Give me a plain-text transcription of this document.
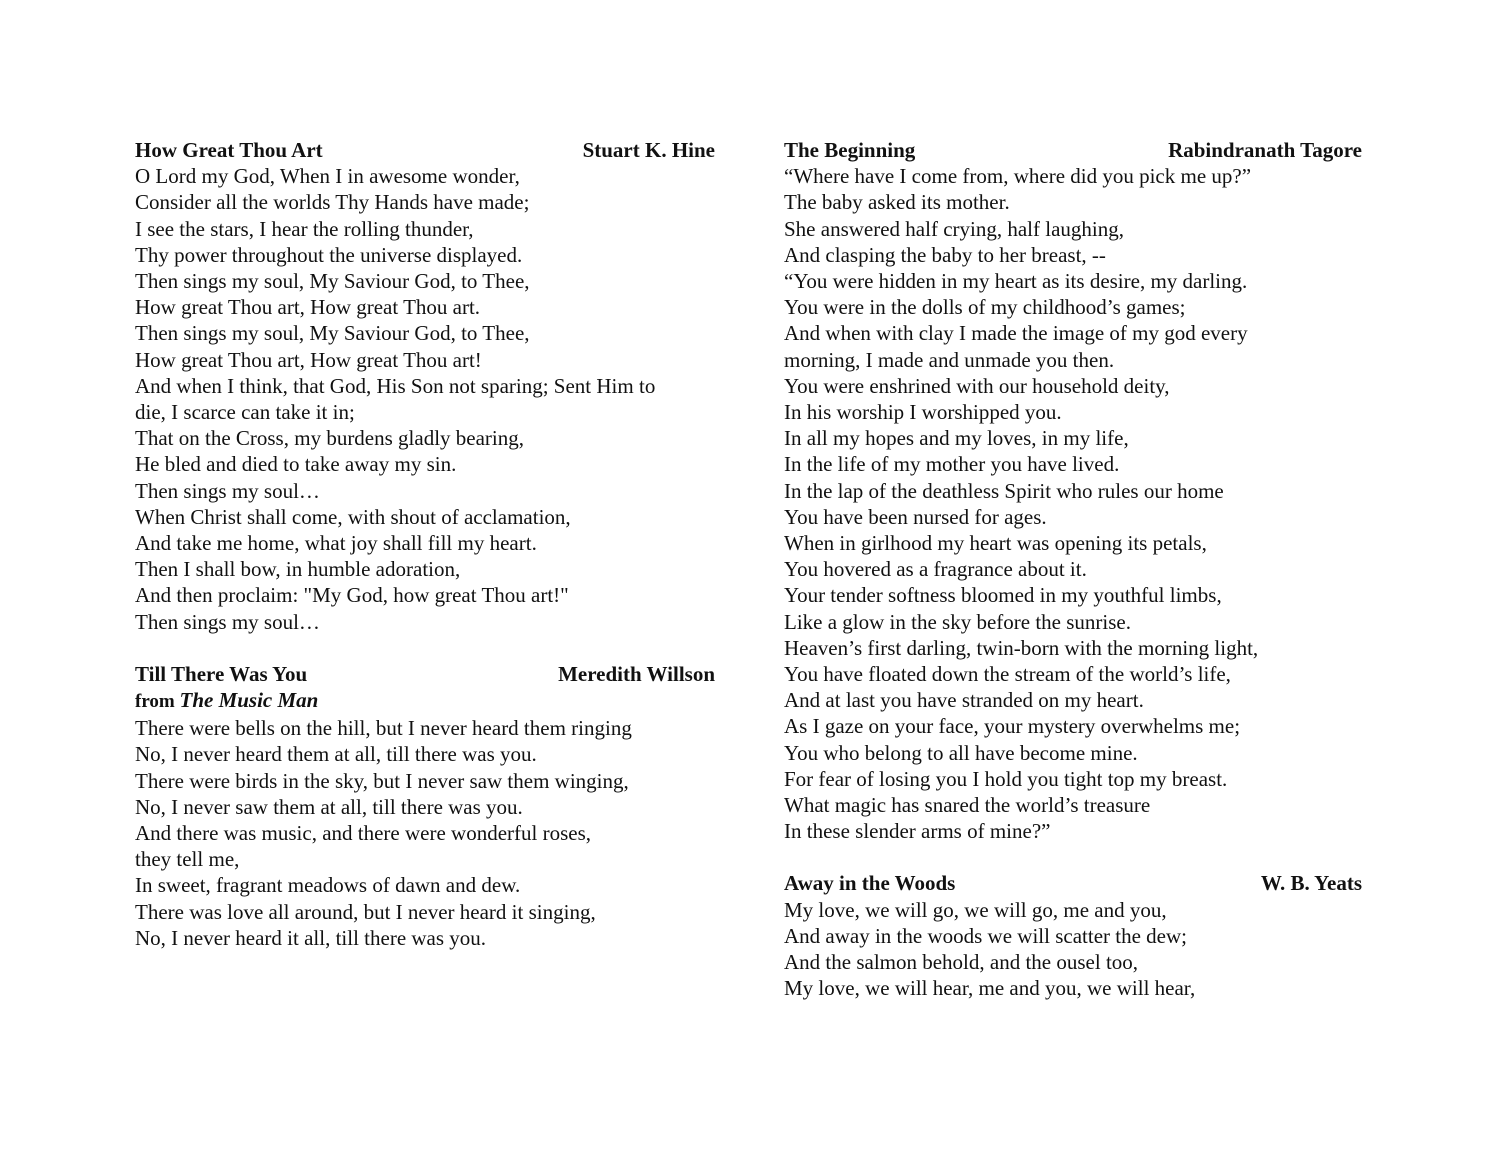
How Great Thou Art	Stuart K. Hine
O Lord my God, When I in awesome wonder,
Consider all the worlds Thy Hands have made;
I see the stars, I hear the rolling thunder,
Thy power throughout the universe displayed.
Then sings my soul, My Saviour God, to Thee,
How great Thou art, How great Thou art.
Then sings my soul, My Saviour God, to Thee,
How great Thou art, How great Thou art!
And when I think, that God, His Son not sparing; Sent Him to
die, I scarce can take it in;
That on the Cross, my burdens gladly bearing,
He bled and died to take away my sin.
Then sings my soul…
When Christ shall come, with shout of acclamation,
And take me home, what joy shall fill my heart.
Then I shall bow, in humble adoration,
And then proclaim: "My God, how great Thou art!"
Then sings my soul…
Till There Was You	Meredith Willson
from The Music Man
There were bells on the hill, but I never heard them ringing
No, I never heard them at all, till there was you.
There were birds in the sky, but I never saw them winging,
No, I never saw them at all, till there was you.
And there was music, and there were wonderful roses,
they tell me,
In sweet, fragrant meadows of dawn and dew.
There was love all around, but I never heard it singing,
No, I never heard it all, till there was you.
The Beginning	Rabindranath Tagore
“Where have I come from, where did you pick me up?”
The baby asked its mother.
She answered half crying, half laughing,
And clasping the baby to her breast, --
“You were hidden in my heart as its desire, my darling.
You were in the dolls of my childhood’s games;
And when with clay I made the image of my god every
morning, I made and unmade you then.
You were enshrined with our household deity,
In his worship I worshipped you.
In all my hopes and my loves, in my life,
In the life of my mother you have lived.
In the lap of the deathless Spirit who rules our home
You have been nursed for ages.
When in girlhood my heart was opening its petals,
You hovered as a fragrance about it.
Your tender softness bloomed in my youthful limbs,
Like a glow in the sky before the sunrise.
Heaven’s first darling, twin-born with the morning light,
You have floated down the stream of the world’s life,
And at last you have stranded on my heart.
As I gaze on your face, your mystery overwhelms me;
You who belong to all have become mine.
For fear of losing you I hold you tight top my breast.
What magic has snared the world’s treasure
In these slender arms of mine?”
Away in the Woods	W. B. Yeats
My love, we will go, we will go, me and you,
And away in the woods we will scatter the dew;
And the salmon behold, and the ousel too,
My love, we will hear, me and you, we will hear,
